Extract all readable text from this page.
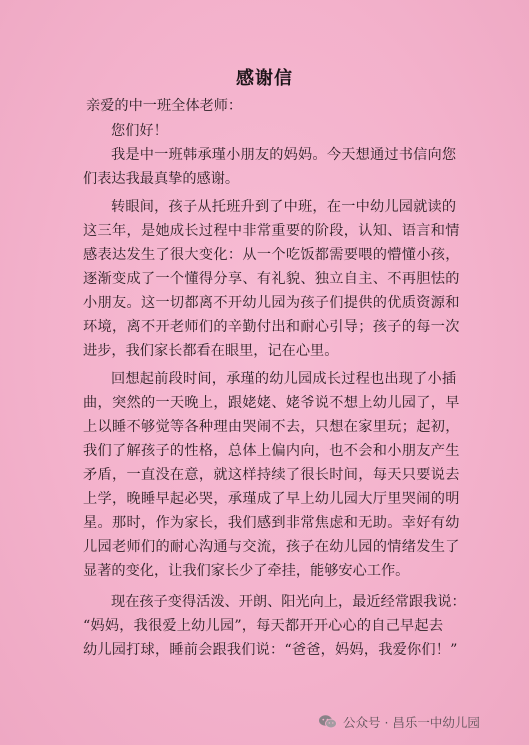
感谢信
亲爱的中一班全体老师：
您们好！
我是中一班韩承瑾小朋友的妈妈。今天想通过书信向您
们表达我最真挚的感谢。
转眼间，孩子从托班升到了中班，在一中幼儿园就读的
这三年，是她成长过程中非常重要的阶段，认知、语言和情
感表达发生了很大变化：从一个吃饭都需要喂的懵懂小孩，
逐渐变成了一个懂得分享、有礼貌、独立自主、不再胆怯的
小朋友。这一切都离不开幼儿园为孩子们提供的优质资源和
环境，离不开老师们的辛勤付出和耐心引导；孩子的每一次
进步，我们家长都看在眼里，记在心里。
回想起前段时间，承瑾的幼儿园成长过程也出现了小插
曲，突然的一天晚上，跟姥姥、姥爷说不想上幼儿园了，早
上以睡不够觉等各种理由哭闹不去，只想在家里玩；起初，
我们了解孩子的性格，总体上偏内向，也不会和小朋友产生
矛盾，一直没在意，就这样持续了很长时间，每天只要说去
上学，晚睡早起必哭，承瑾成了早上幼儿园大厅里哭闹的明
星。那时，作为家长，我们感到非常焦虑和无助。幸好有幼
儿园老师们的耐心沟通与交流，孩子在幼儿园的情绪发生了
显著的变化，让我们家长少了牵挂，能够安心工作。
现在孩子变得活泼、开朗、阳光向上，最近经常跟我说：
“妈妈，我很爱上幼儿园”，每天都开开心心的自己早起去
幼儿园打球，睡前会跟我们说：“爸爸，妈妈，我爱你们！”
公众号 · 昌乐一中幼儿园
